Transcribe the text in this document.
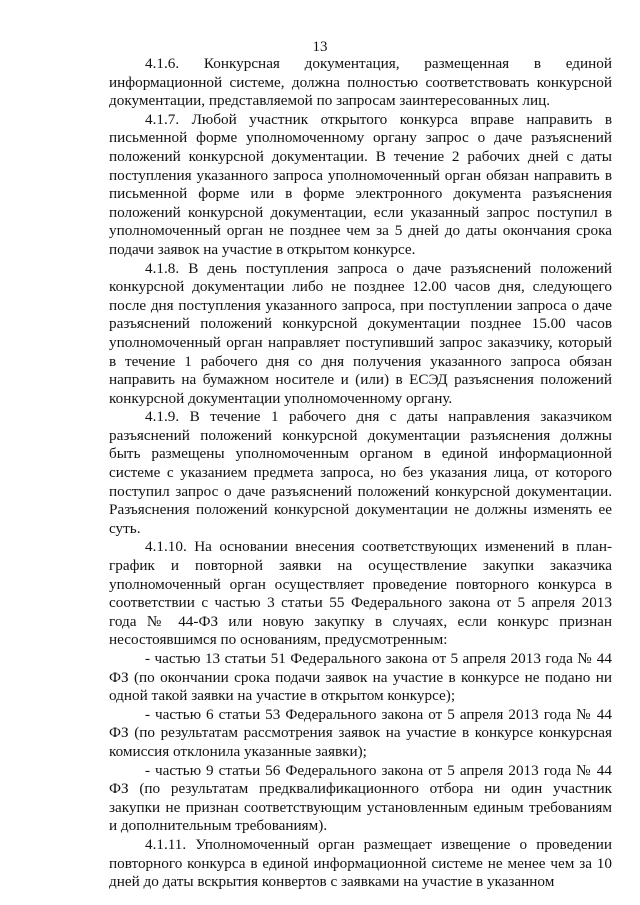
13

4.1.6. Конкурсная документация, размещенная в единой информационной системе, должна полностью соответствовать конкурсной документации, представляемой по запросам заинтересованных лиц.

4.1.7. Любой участник открытого конкурса вправе направить в письменной форме уполномоченному органу запрос о даче разъяснений положений конкурсной документации. В течение 2 рабочих дней с даты поступления указанного запроса уполномоченный орган обязан направить в письменной форме или в форме электронного документа разъяснения положений конкурсной документации, если указанный запрос поступил в уполномоченный орган не позднее чем за 5 дней до даты окончания срока подачи заявок на участие в открытом конкурсе.

4.1.8. В день поступления запроса о даче разъяснений положений конкурсной документации либо не позднее 12.00 часов дня, следующего после дня поступления указанного запроса, при поступлении запроса о даче разъяснений положений конкурсной документации позднее 15.00 часов уполномоченный орган направляет поступивший запрос заказчику, который в течение 1 рабочего дня со дня получения указанного запроса обязан направить на бумажном носителе и (или) в ЕСЭД разъяснения положений конкурсной документации уполномоченному органу.

4.1.9. В течение 1 рабочего дня с даты направления заказчиком разъяснений положений конкурсной документации разъяснения должны быть размещены уполномоченным органом в единой информационной системе с указанием предмета запроса, но без указания лица, от которого поступил запрос о даче разъяснений положений конкурсной документации. Разъяснения положений конкурсной документации не должны изменять ее суть.

4.1.10. На основании внесения соответствующих изменений в план-график и повторной заявки на осуществление закупки заказчика уполномоченный орган осуществляет проведение повторного конкурса в соответствии с частью 3 статьи 55 Федерального закона от 5 апреля 2013 года № 44-ФЗ или новую закупку в случаях, если конкурс признан несостоявшимся по основаниям, предусмотренным:

- частью 13 статьи 51 Федерального закона от 5 апреля 2013 года № 44 ФЗ (по окончании срока подачи заявок на участие в конкурсе не подано ни одной такой заявки на участие в открытом конкурсе);

- частью 6 статьи 53 Федерального закона от 5 апреля 2013 года № 44 ФЗ (по результатам рассмотрения заявок на участие в конкурсе конкурсная комиссия отклонила указанные заявки);

- частью 9 статьи 56 Федерального закона от 5 апреля 2013 года № 44 ФЗ (по результатам предквалификационного отбора ни один участник закупки не признан соответствующим установленным единым требованиям и дополнительным требованиям).

4.1.11. Уполномоченный орган размещает извещение о проведении повторного конкурса в единой информационной системе не менее чем за 10 дней до даты вскрытия конвертов с заявками на участие в указанном
